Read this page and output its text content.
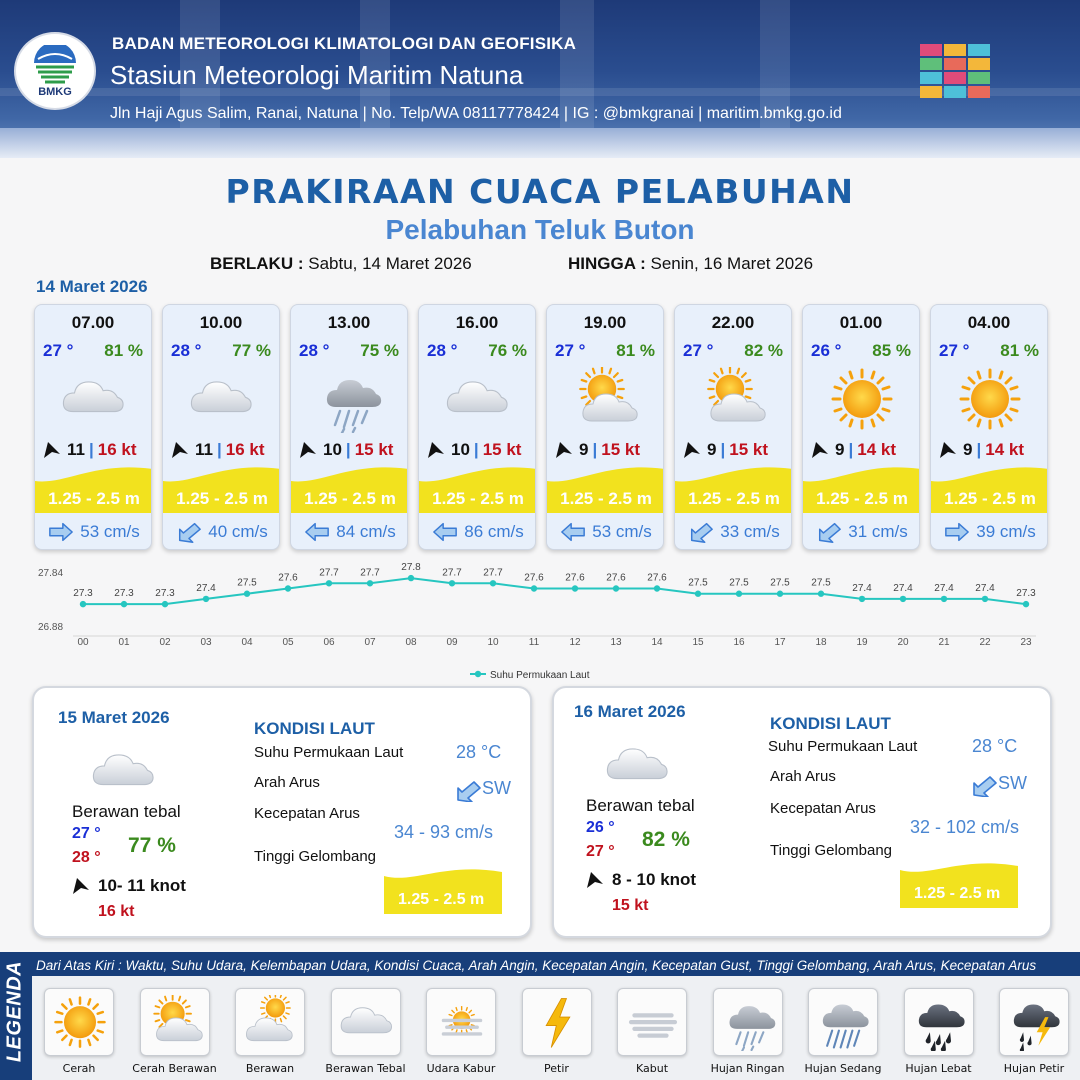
BMKG
BADAN METEOROLOGI KLIMATOLOGI DAN GEOFISIKA
Stasiun Meteorologi Maritim Natuna
Jln Haji Agus Salim, Ranai, Natuna | No. Telp/WA 08117778424 | IG : @bmkgranai | maritim.bmkg.go.id
PRAKIRAAN CUACA PELABUHAN
Pelabuhan Teluk Buton
BERLAKU : Sabtu, 14 Maret 2026	HINGGA : Senin, 16 Maret 2026
14 Maret 2026
07.00
27 ° 81 %
11 | 16 kt
1.25 - 2.5 m
53 cm/s
10.00
28 ° 77 %
11 | 16 kt
1.25 - 2.5 m
40 cm/s
13.00
28 ° 75 %
10 | 15 kt
1.25 - 2.5 m
84 cm/s
16.00
28 ° 76 %
10 | 15 kt
1.25 - 2.5 m
86 cm/s
19.00
27 ° 81 %
9 | 15 kt
1.25 - 2.5 m
53 cm/s
22.00
27 ° 82 %
9 | 15 kt
1.25 - 2.5 m
33 cm/s
01.00
26 ° 85 %
9 | 14 kt
1.25 - 2.5 m
31 cm/s
04.00
27 ° 81 %
9 | 14 kt
1.25 - 2.5 m
39 cm/s
27.84
26.88
27.3
00
27.3
01
27.3
02
27.4
03
27.5
04
27.6
05
27.7
06
27.7
07
27.8
08
27.7
09
27.7
10
27.6
11
27.6
12
27.6
13
27.6
14
27.5
15
27.5
16
27.5
17
27.5
18
27.4
19
27.4
20
27.4
21
27.4
22
27.3
23
Suhu Permukaan Laut
15 Maret 2026
Berawan tebal
27 °
28 °
77 %
10- 11 knot
16 kt
KONDISI LAUT
Suhu Permukaan Laut	28 °C
Arah Arus	SW
Kecepatan Arus
34 - 93 cm/s
Tinggi Gelombang
1.25 - 2.5 m
16 Maret 2026
Berawan tebal
26 °
27 °
82 %
8 - 10 knot
15 kt
KONDISI LAUT
Suhu Permukaan Laut	28 °C
Arah Arus	SW
Kecepatan Arus
32 - 102 cm/s
Tinggi Gelombang
1.25 - 2.5 m
LEGENDA Dari Atas Kiri : Waktu, Suhu Udara, Kelembapan Udara, Kondisi Cuaca, Arah Angin, Kecepatan Angin, Kecepatan Gust, Tinggi Gelombang, Arah Arus, Kecepatan Arus
Cerah	Cerah Berawan	Berawan	Berawan Tebal	Udara Kabur	Petir	Kabut	Hujan Ringan	Hujan Sedang	Hujan Lebat	Hujan Petir
